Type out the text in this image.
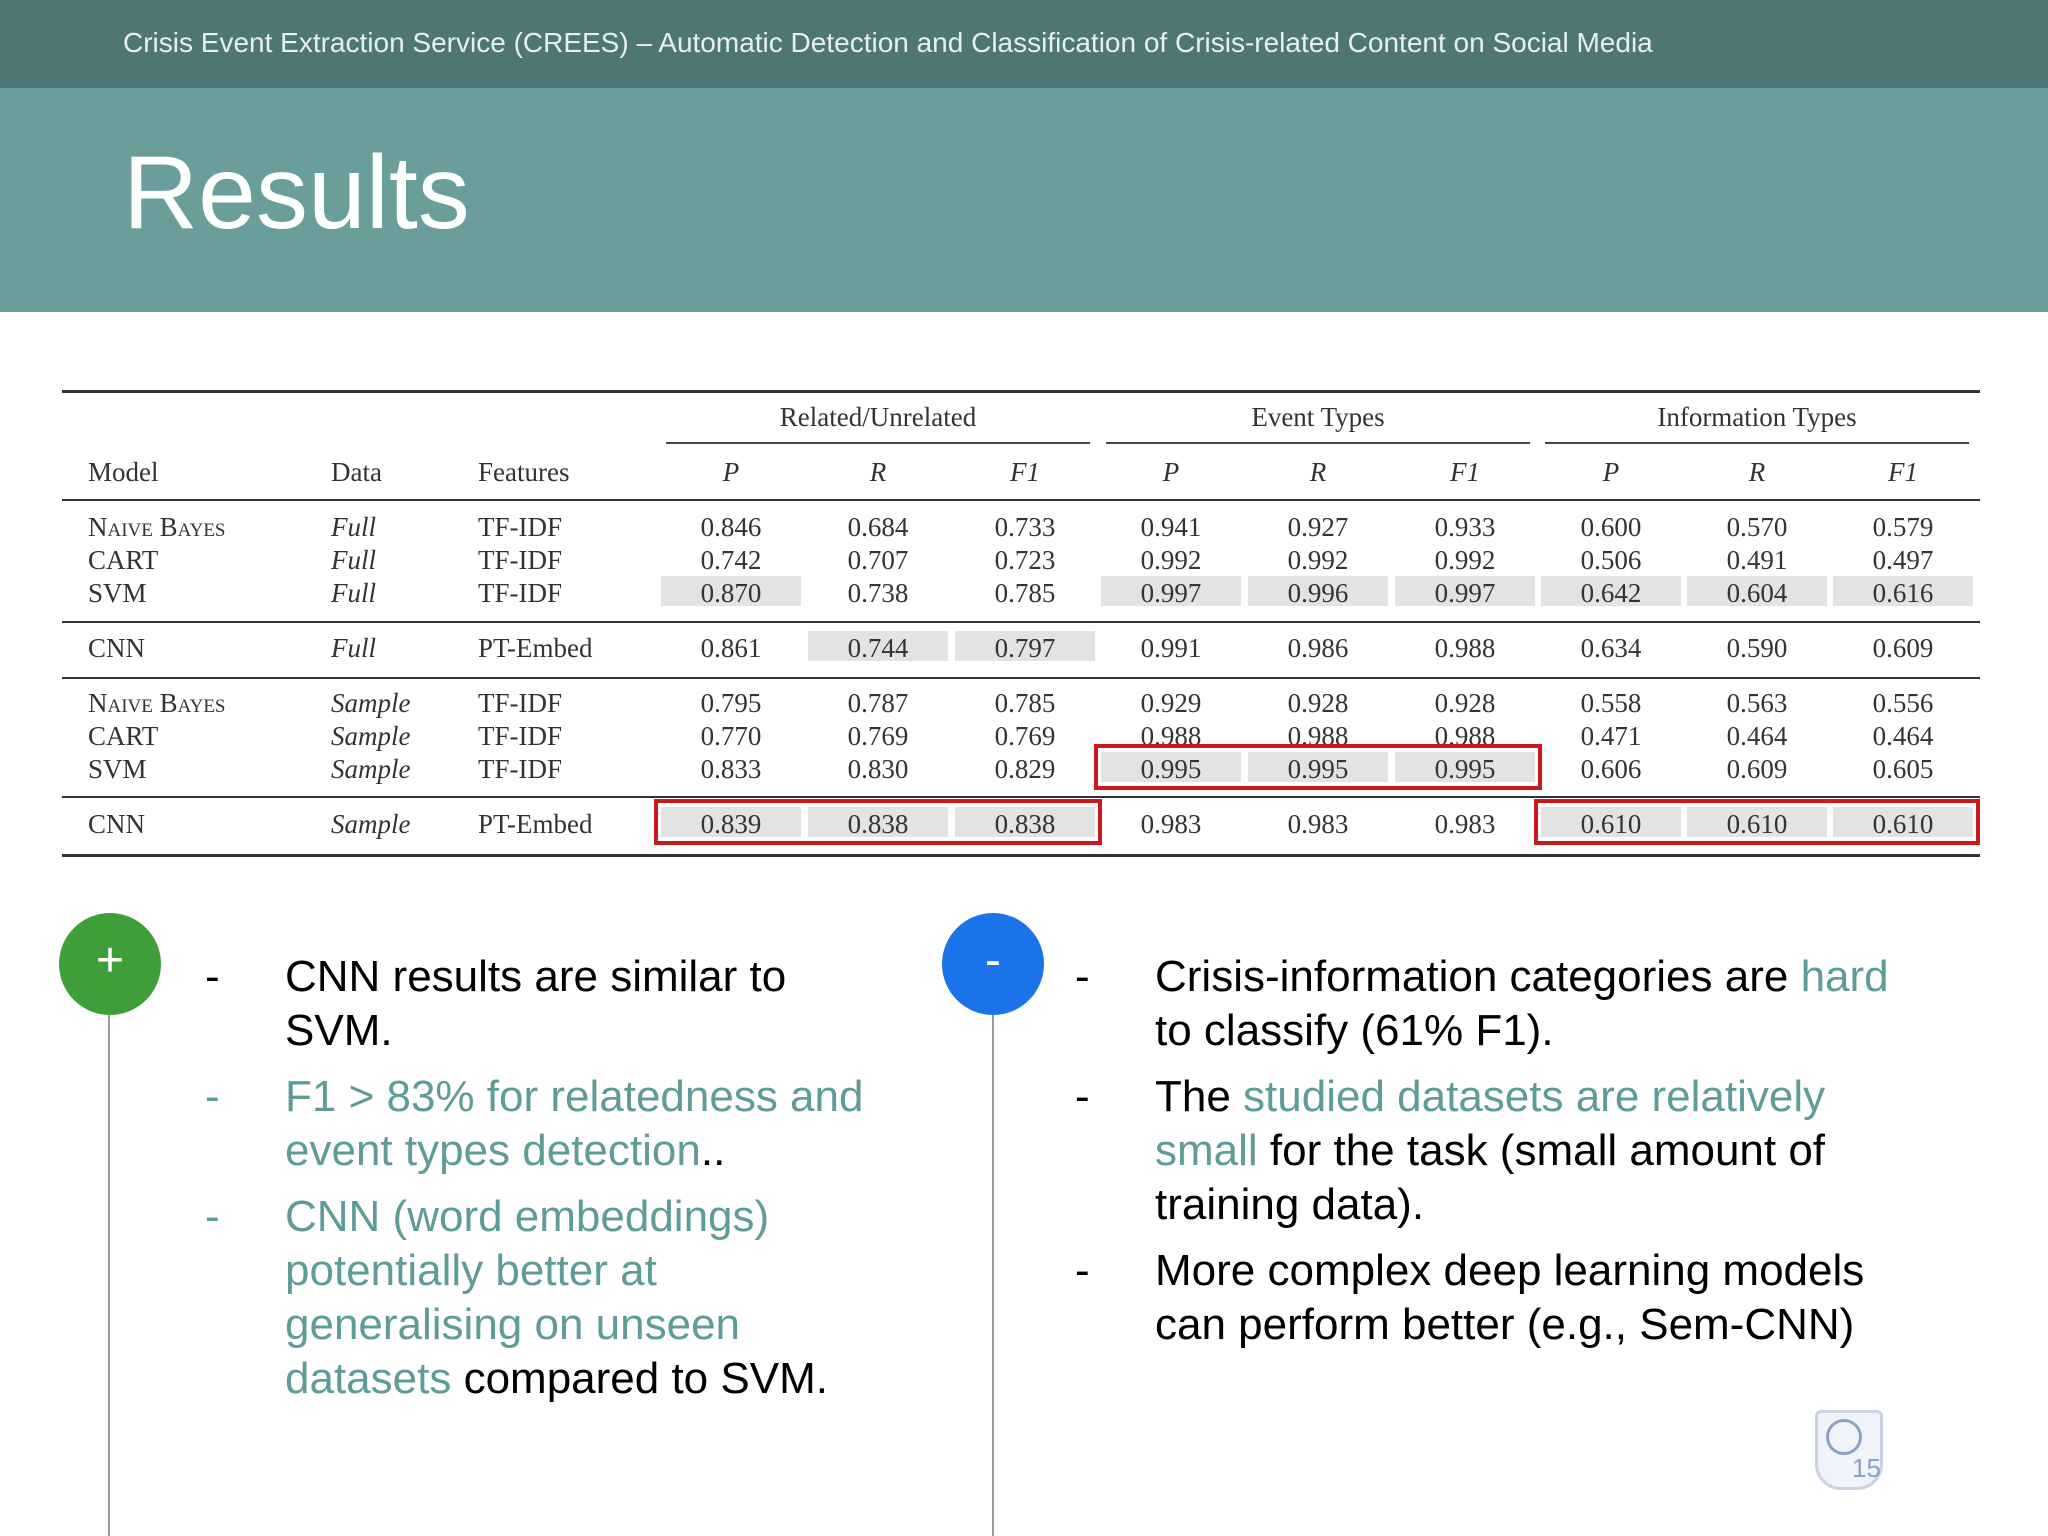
Crisis Event Extraction Service (CREES) – Automatic Detection and Classification of Crisis-related Content on Social Media
Results
Related/Unrelated	Event Types	Information Types
Model	Data	Features	P	R	F1	P	R	F1	P	R	F1
Naive Bayes	Full	TF-IDF	0.846	0.684	0.733	0.941	0.927	0.933	0.600	0.570	0.579
CART	Full	TF-IDF	0.742	0.707	0.723	0.992	0.992	0.992	0.506	0.491	0.497
SVM	Full	TF-IDF	0.870	0.738	0.785	0.997	0.996	0.997	0.642	0.604	0.616
CNN	Full	PT-Embed	0.861	0.744	0.797	0.991	0.986	0.988	0.634	0.590	0.609
Naive Bayes	Sample	TF-IDF	0.795	0.787	0.785	0.929	0.928	0.928	0.558	0.563	0.556
CART	Sample	TF-IDF	0.770	0.769	0.769	0.988	0.988	0.988	0.471	0.464	0.464
SVM	Sample	TF-IDF	0.833	0.830	0.829	0.995	0.995	0.995	0.606	0.609	0.605
CNN	Sample	PT-Embed	0.839	0.838	0.838	0.983	0.983	0.983	0.610	0.610	0.610
+	-
- CNN results are similar to SVM.
- F1 > 83% for relatedness and event types detection..
- CNN (word embeddings) potentially better at generalising on unseen datasets compared to SVM.
- Crisis-information categories are hard to classify (61% F1).
- The studied datasets are relatively small for the task (small amount of training data).
- More complex deep learning models can perform better (e.g., Sem-CNN)
15
